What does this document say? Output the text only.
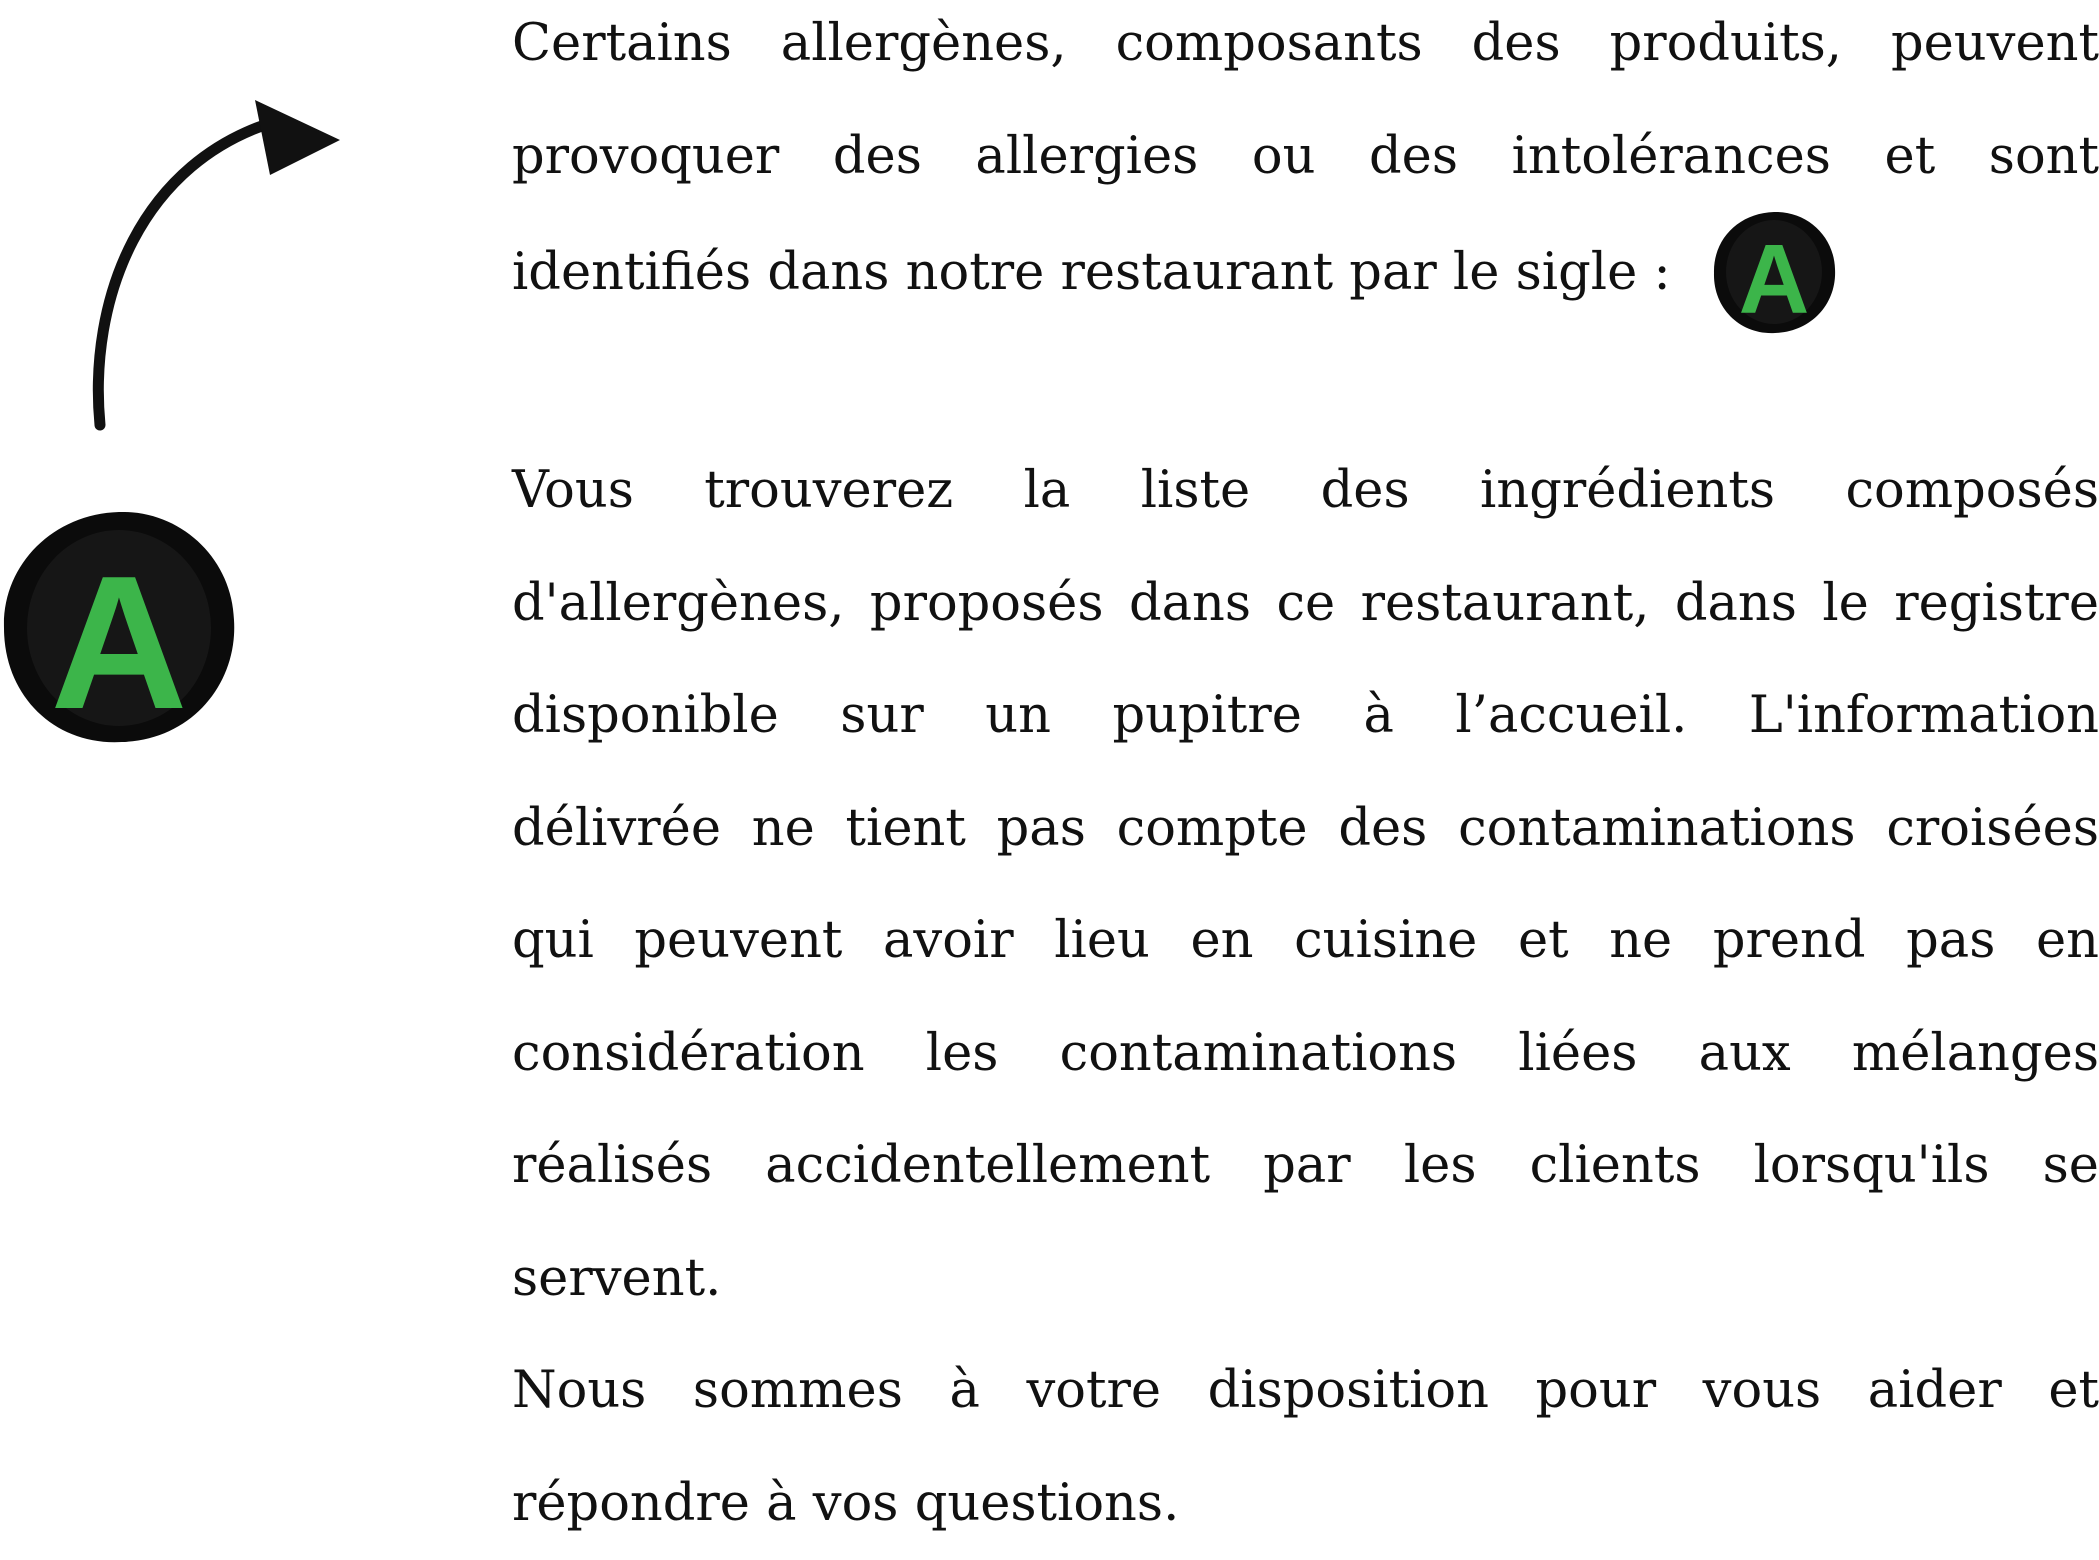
A
Certains allergènes, composants des produits, peuvent
provoquer des allergies ou des intolérances et sont
identifiés dans notre restaurant par le sigle : A
Vous trouverez la liste des ingrédients composés
d'allergènes, proposés dans ce restaurant, dans le registre
disponible sur un pupitre à l’accueil. L'information
délivrée ne tient pas compte des contaminations croisées
qui peuvent avoir lieu en cuisine et ne prend pas en
considération les contaminations liées aux mélanges
réalisés accidentellement par les clients lorsqu'ils se
servent.
Nous sommes à votre disposition pour vous aider et
répondre à vos questions.
